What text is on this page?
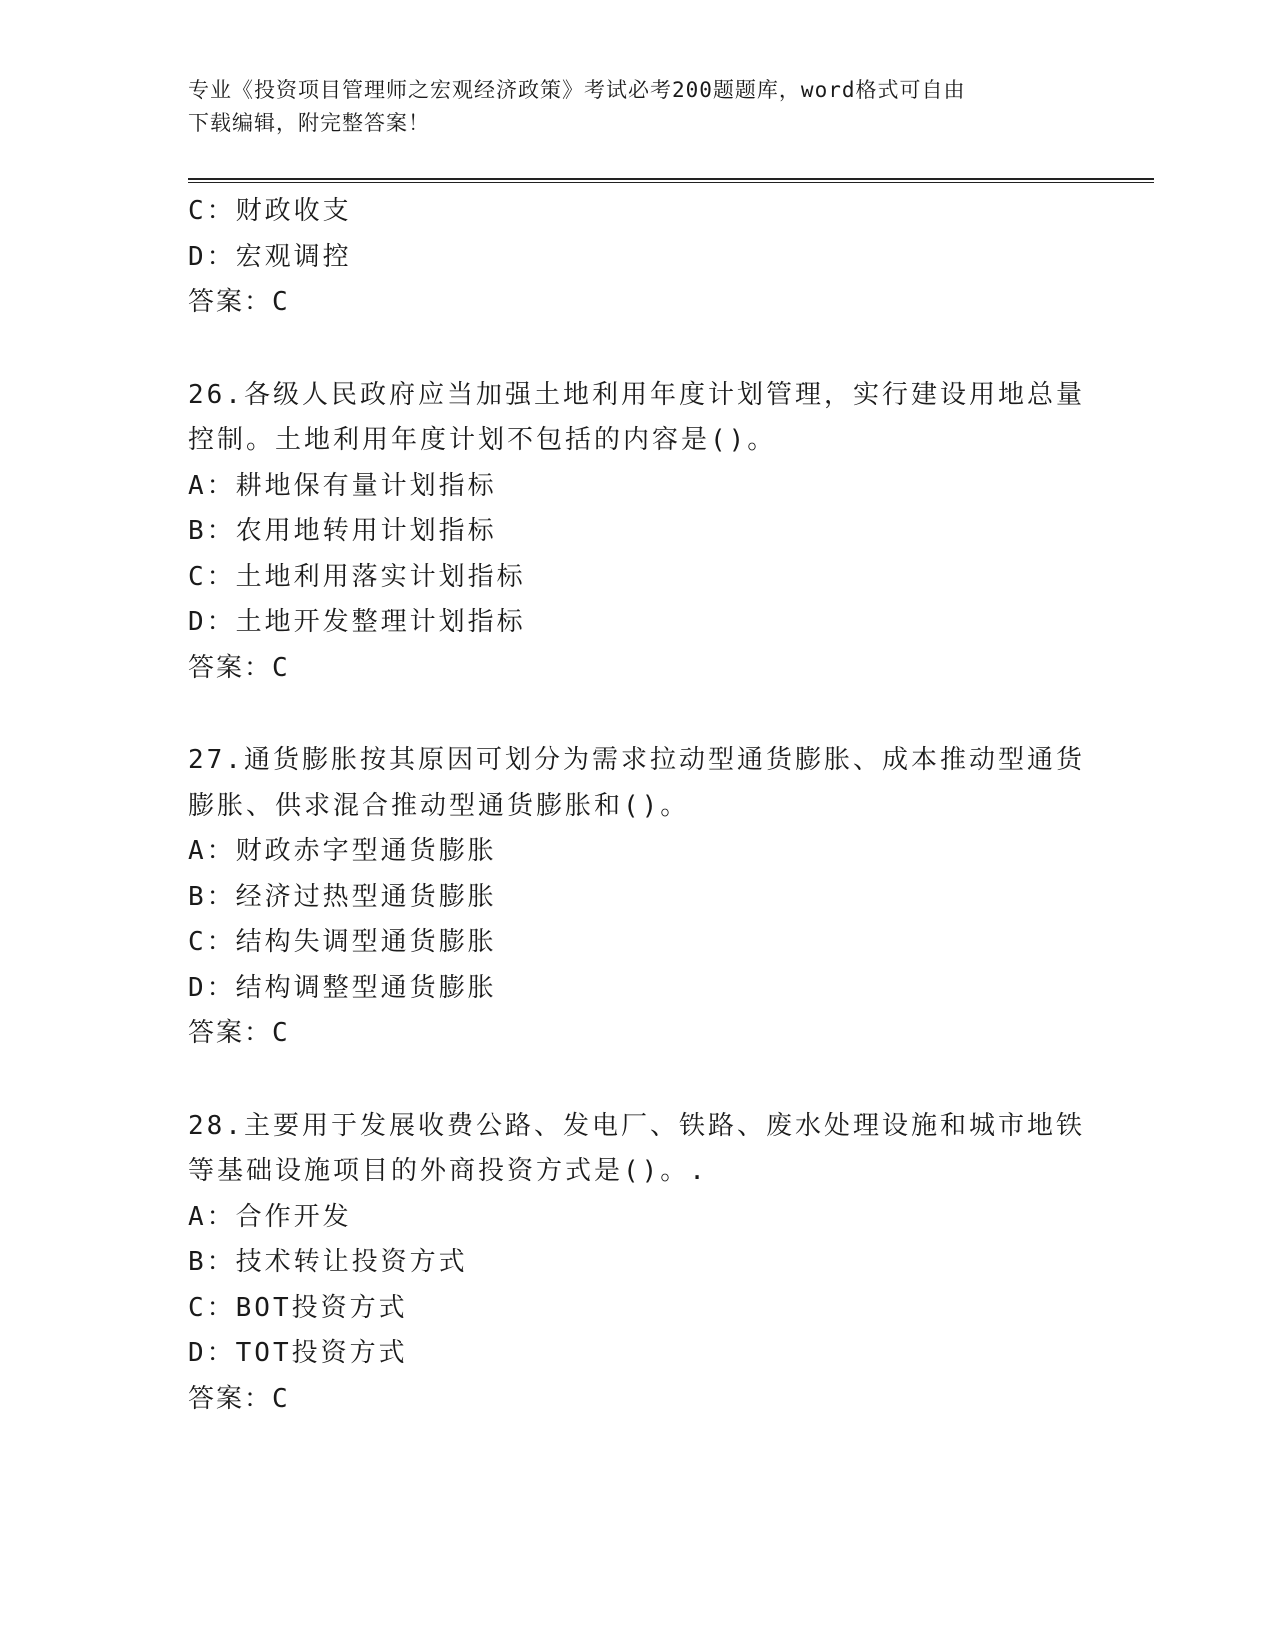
专业《投资项目管理师之宏观经济政策》考试必考200题题库，word格式可自由
下载编辑，附完整答案！
C：财政收支
D：宏观调控
答案：C
26.各级人民政府应当加强土地利用年度计划管理，实行建设用地总量
控制。土地利用年度计划不包括的内容是()。
A：耕地保有量计划指标
B：农用地转用计划指标
C：土地利用落实计划指标
D：土地开发整理计划指标
答案：C
27.通货膨胀按其原因可划分为需求拉动型通货膨胀、成本推动型通货
膨胀、供求混合推动型通货膨胀和()。
A：财政赤字型通货膨胀
B：经济过热型通货膨胀
C：结构失调型通货膨胀
D：结构调整型通货膨胀
答案：C
28.主要用于发展收费公路、发电厂、铁路、废水处理设施和城市地铁
等基础设施项目的外商投资方式是()。.
A：合作开发
B：技术转让投资方式
C：BOT投资方式
D：TOT投资方式
答案：C
